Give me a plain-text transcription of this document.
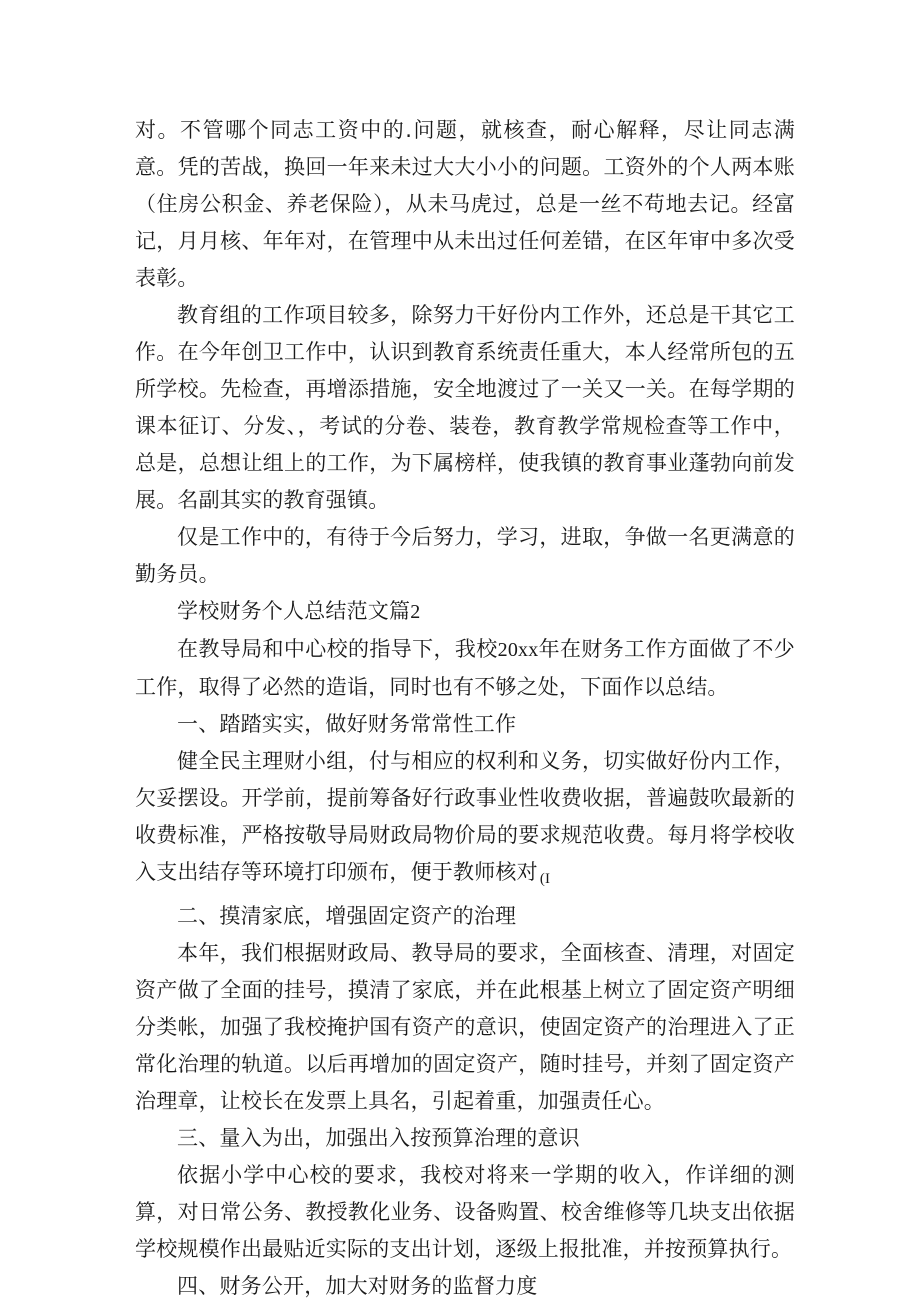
对。不管哪个同志工资中的.问题，就核查，耐心解释，尽让同志满意。凭的苦战，换回一年来未过大大小小的问题。工资外的个人两本账（住房公积金、养老保险），从未马虎过，总是一丝不苟地去记。经富记，月月核、年年对，在管理中从未出过任何差错，在区年审中多次受表彰。

教育组的工作项目较多，除努力干好份内工作外，还总是干其它工作。在今年创卫工作中，认识到教育系统责任重大，本人经常所包的五所学校。先检查，再增添措施，安全地渡过了一关又一关。在每学期的课本征订、分发、，考试的分卷、装卷，教育教学常规检查等工作中，总是，总想让组上的工作，为下属榜样，使我镇的教育事业蓬勃向前发展。名副其实的教育强镇。

仅是工作中的，有待于今后努力，学习，进取，争做一名更满意的勤务员。

学校财务个人总结范文篇2

在教导局和中心校的指导下，我校20xx年在财务工作方面做了不少工作，取得了必然的造诣，同时也有不够之处，下面作以总结。

一、踏踏实实，做好财务常常性工作

健全民主理财小组，付与相应的权利和义务，切实做好份内工作，欠妥摆设。开学前，提前筹备好行政事业性收费收据，普遍鼓吹最新的收费标准，严格按敬导局财政局物价局的要求规范收费。每月将学校收入支出结存等环境打印颁布，便于教师核对 (I

二、摸清家底，增强固定资产的治理

本年，我们根据财政局、教导局的要求，全面核查、清理，对固定资产做了全面的挂号，摸清了家底，并在此根基上树立了固定资产明细分类帐，加强了我校掩护国有资产的意识，使固定资产的治理进入了正常化治理的轨道。以后再增加的固定资产，随时挂号，并刻了固定资产治理章，让校长在发票上具名，引起着重，加强责任心。

三、量入为出，加强出入按预算治理的意识

依据小学中心校的要求，我校对将来一学期的收入，作详细的测算，对日常公务、教授教化业务、设备购置、校舍维修等几块支出依据学校规模作出最贴近实际的支出计划，逐级上报批准，并按预算执行。

四、财务公开，加大对财务的监督力度
